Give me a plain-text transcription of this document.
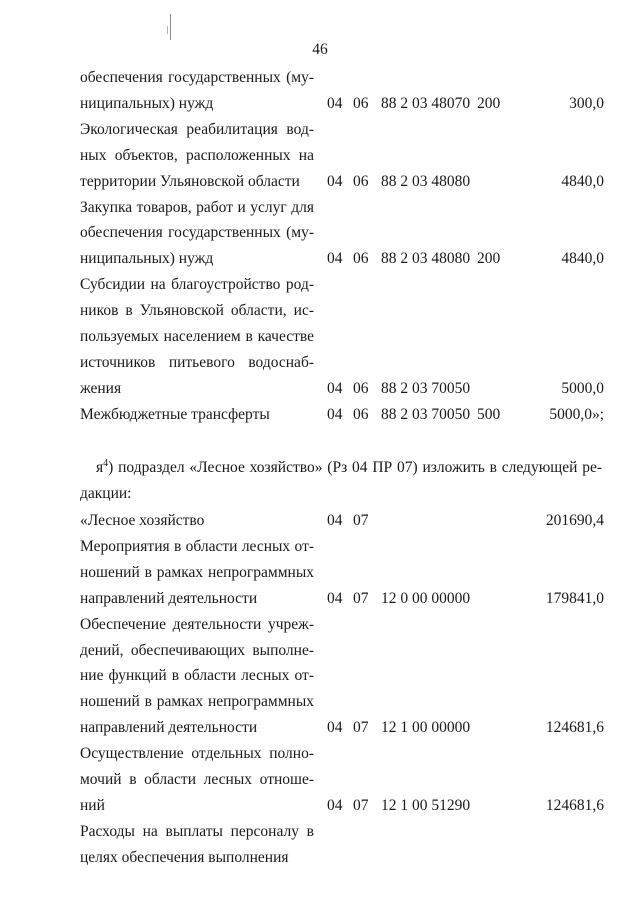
46
обеспечения государственных (му-
ниципальных) нужд	04 06 88 2 03 48070 200	300,0
Экологическая реабилитация вод-
ных объектов, расположенных на
территории Ульяновской области	04 06 88 2 03 48080	4840,0
Закупка товаров, работ и услуг для
обеспечения государственных (му-
ниципальных) нужд	04 06 88 2 03 48080 200	4840,0
Субсидии на благоустройство род-
ников в Ульяновской области, ис-
пользуемых населением в качестве
источников питьевого водоснаб-
жения	04 06 88 2 03 70050	5000,0
Межбюджетные трансферты	04 06 88 2 03 70050 500	5000,0»;
$я^4$) подраздел «Лесное хозяйство» (Рз 04 ПР 07) изложить в следующей ре-
дакции:
«Лесное хозяйство	04 07	201690,4
Мероприятия в области лесных от-
ношений в рамках непрограммных
направлений деятельности	04 07 12 0 00 00000	179841,0
Обеспечение деятельности учреж-
дений, обеспечивающих выполне-
ние функций в области лесных от-
ношений в рамках непрограммных
направлений деятельности	04 07 12 1 00 00000	124681,6
Осуществление отдельных полно-
мочий в области лесных отноше-
ний	04 07 12 1 00 51290	124681,6
Расходы на выплаты персоналу в
целях обеспечения выполнения
